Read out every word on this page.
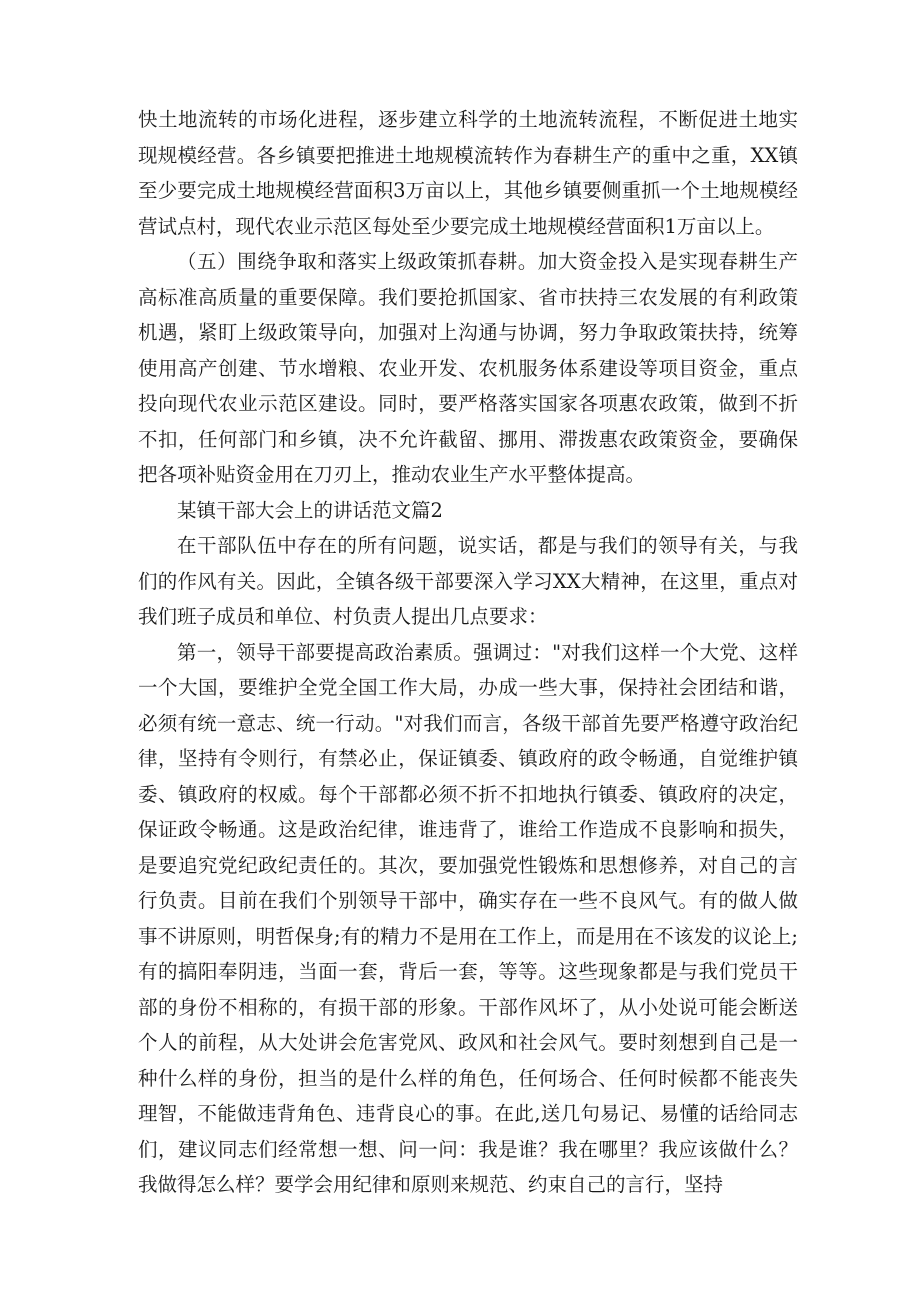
快土地流转的市场化进程，逐步建立科学的土地流转流程，不断促进土地实现规模经营。各乡镇要把推进土地规模流转作为春耕生产的重中之重，XX镇至少要完成土地规模经营面积3万亩以上，其他乡镇要侧重抓一个土地规模经营试点村，现代农业示范区每处至少要完成土地规模经营面积1万亩以上。

（五）围绕争取和落实上级政策抓春耕。加大资金投入是实现春耕生产高标准高质量的重要保障。我们要抢抓国家、省市扶持三农发展的有利政策机遇，紧盯上级政策导向，加强对上沟通与协调，努力争取政策扶持，统筹使用高产创建、节水增粮、农业开发、农机服务体系建设等项目资金，重点投向现代农业示范区建设。同时，要严格落实国家各项惠农政策，做到不折不扣，任何部门和乡镇，决不允许截留、挪用、滞拨惠农政策资金，要确保把各项补贴资金用在刀刃上，推动农业生产水平整体提高。

某镇干部大会上的讲话范文篇2

在干部队伍中存在的所有问题，说实话，都是与我们的领导有关，与我们的作风有关。因此，全镇各级干部要深入学习XX大精神，在这里，重点对我们班子成员和单位、村负责人提出几点要求：

第一，领导干部要提高政治素质。强调过："对我们这样一个大党、这样一个大国，要维护全党全国工作大局，办成一些大事，保持社会团结和谐，必须有统一意志、统一行动。"对我们而言，各级干部首先要严格遵守政治纪律，坚持有令则行，有禁必止，保证镇委、镇政府的政令畅通，自觉维护镇委、镇政府的权威。每个干部都必须不折不扣地执行镇委、镇政府的决定，保证政令畅通。这是政治纪律，谁违背了，谁给工作造成不良影响和损失，是要追究党纪政纪责任的。其次，要加强党性锻炼和思想修养，对自己的言行负责。目前在我们个别领导干部中，确实存在一些不良风气。有的做人做事不讲原则，明哲保身;有的精力不是用在工作上，而是用在不该发的议论上;有的搞阳奉阴违，当面一套，背后一套，等等。这些现象都是与我们党员干部的身份不相称的，有损干部的形象。干部作风坏了，从小处说可能会断送个人的前程，从大处讲会危害党风、政风和社会风气。要时刻想到自己是一种什么样的身份，担当的是什么样的角色，任何场合、任何时候都不能丧失理智，不能做违背角色、违背良心的事。在此,送几句易记、易懂的话给同志们，建议同志们经常想一想、问一问：我是谁？我在哪里？我应该做什么？我做得怎么样？要学会用纪律和原则来规范、约束自己的言行，坚持
